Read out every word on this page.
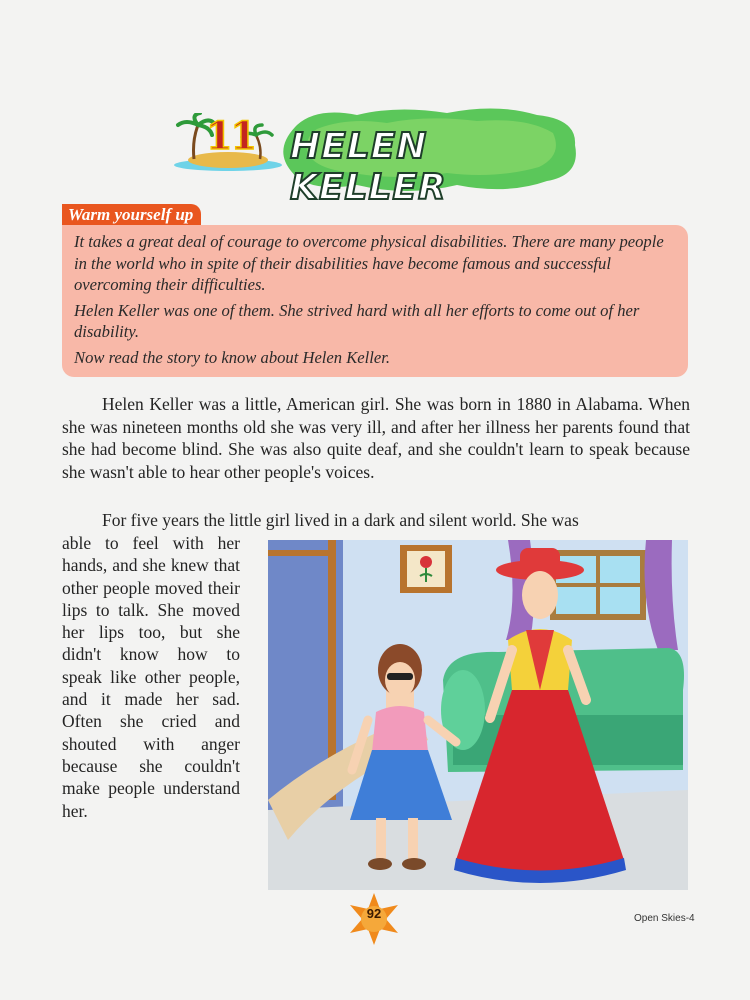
11 HELEN KELLER
Warm yourself up

It takes a great deal of courage to overcome physical disabilities. There are many people in the world who in spite of their disabilities have become famous and successful overcoming their difficulties.

Helen Keller was one of them. She strived hard with all her efforts to come out of her disability.

Now read the story to know about Helen Keller.

Helen Keller was a little, American girl. She was born in 1880 in Alabama. When she was nineteen months old she was very ill, and after her illness her parents found that she had become blind. She was also quite deaf, and she couldn't learn to speak because she wasn't able to hear other people's voices.

For five years the little girl lived in a dark and silent world. She was

able to feel with her hands, and she knew that other people moved their lips to talk. She moved her lips too, but she didn't know how to speak like other people, and it made her sad. Often she cried and shouted with anger because she couldn't make people understand her.

92	Open Skies-4
